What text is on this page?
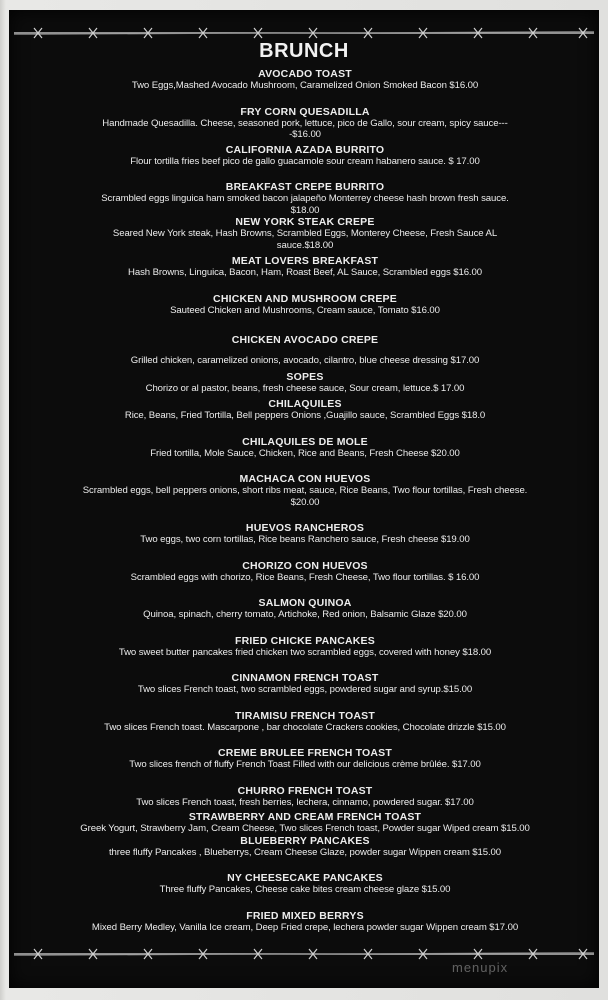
BRUNCH
AVOCADO TOAST
Two Eggs,Mashed Avocado Mushroom, Caramelized Onion Smoked Bacon $16.00
FRY CORN QUESADILLA
Handmade Quesadilla. Cheese, seasoned pork, lettuce, pico de Gallo, sour cream, spicy sauce----$16.00
CALIFORNIA AZADA BURRITO
Flour tortilla fries beef pico de gallo guacamole sour cream habanero sauce. $ 17.00
BREAKFAST CREPE BURRITO
Scrambled eggs linguica ham smoked bacon jalapeño Monterrey cheese hash brown fresh sauce. $18.00
NEW YORK STEAK CREPE
Seared New York steak, Hash Browns, Scrambled Eggs, Monterey Cheese, Fresh Sauce AL sauce.$18.00
MEAT LOVERS BREAKFAST
Hash Browns, Linguica, Bacon, Ham, Roast Beef, AL Sauce, Scrambled eggs $16.00
CHICKEN AND MUSHROOM CREPE
Sauteed Chicken and Mushrooms, Cream sauce, Tomato $16.00
CHICKEN AVOCADO CREPE
Grilled chicken, caramelized onions, avocado, cilantro, blue cheese dressing $17.00
SOPES
Chorizo or al pastor, beans, fresh cheese sauce, Sour cream, lettuce.$ 17.00
CHILAQUILES
Rice, Beans, Fried Tortilla, Bell peppers Onions ,Guajillo sauce, Scrambled Eggs $18.0
CHILAQUILES DE MOLE
Fried tortilla, Mole Sauce, Chicken, Rice and Beans, Fresh Cheese $20.00
MACHACA CON HUEVOS
Scrambled eggs, bell peppers onions, short ribs meat, sauce, Rice Beans, Two flour tortillas, Fresh cheese. $20.00
HUEVOS RANCHEROS
Two eggs, two corn tortillas, Rice beans Ranchero sauce, Fresh cheese $19.00
CHORIZO CON HUEVOS
Scrambled eggs with chorizo, Rice Beans, Fresh Cheese, Two flour tortillas. $ 16.00
SALMON QUINOA
Quinoa, spinach, cherry tomato, Artichoke, Red onion, Balsamic Glaze $20.00
FRIED CHICKE PANCAKES
Two sweet butter pancakes fried chicken two scrambled eggs, covered with honey $18.00
CINNAMON FRENCH TOAST
Two slices French toast, two scrambled eggs, powdered sugar and syrup.$15.00
TIRAMISU FRENCH TOAST
Two slices French toast. Mascarpone , bar chocolate Crackers cookies, Chocolate drizzle $15.00
CREME BRULEE FRENCH TOAST
Two slices french of fluffy French Toast Filled with our delicious crème brûlée. $17.00
CHURRO FRENCH TOAST
Two slices French toast, fresh berries, lechera, cinnamo, powdered sugar. $17.00
STRAWBERRY AND CREAM FRENCH TOAST
Greek Yogurt, Strawberry Jam, Cream Cheese, Two slices French toast, Powder sugar Wiped cream $15.00
BLUEBERRY PANCAKES
three fluffy Pancakes , Blueberrys, Cream Cheese Glaze, powder sugar Wippen cream $15.00
NY CHEESECAKE PANCAKES
Three fluffy Pancakes, Cheese cake bites cream cheese glaze $15.00
FRIED MIXED BERRYS
Mixed Berry Medley, Vanilla Ice cream, Deep Fried crepe, lechera powder sugar Wippen cream $17.00
menupix
